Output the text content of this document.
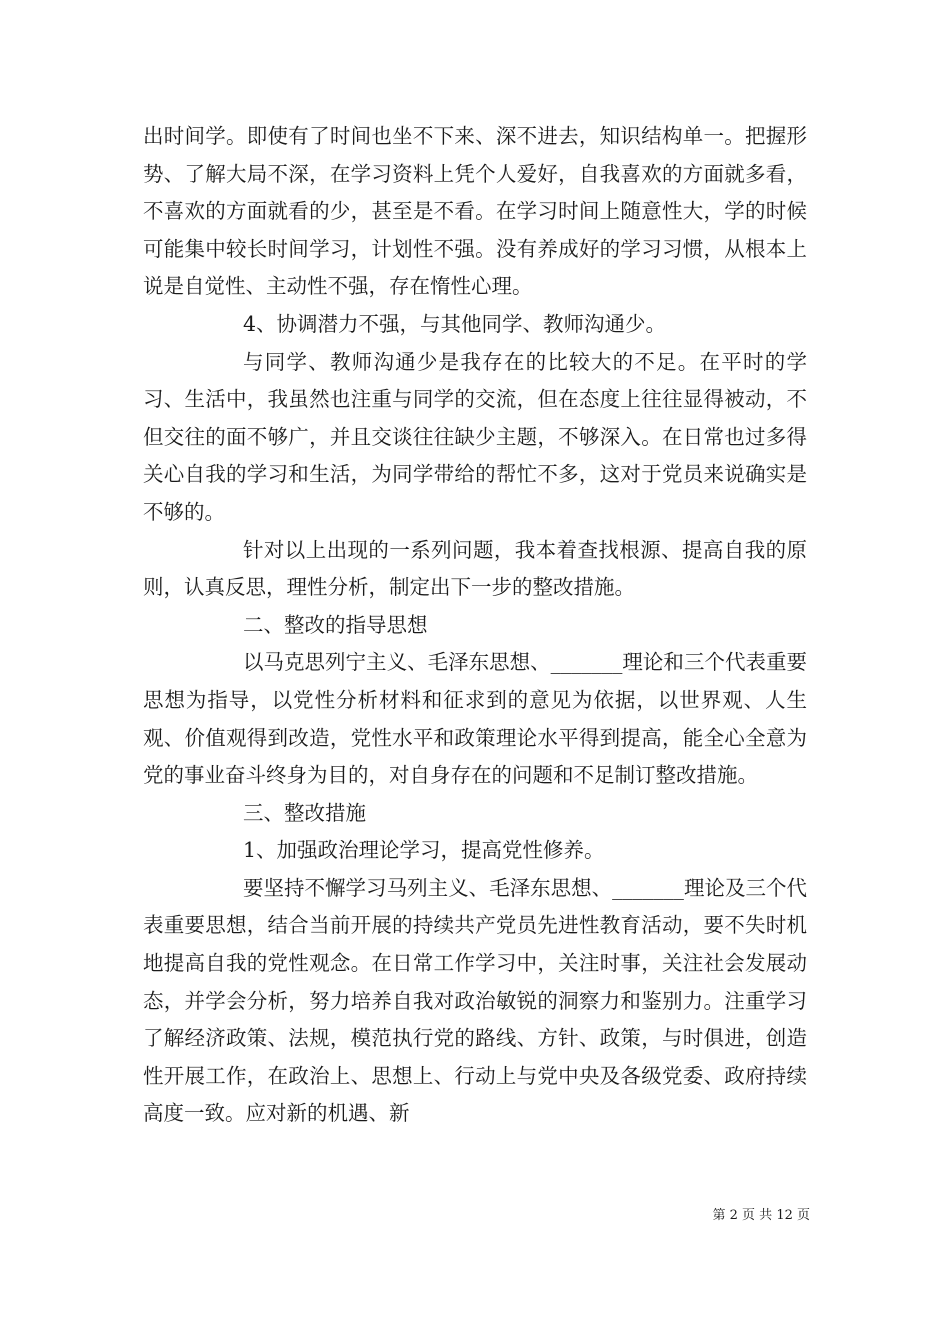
出时间学。即使有了时间也坐不下来、深不进去，知识结构单一。把握形势、了解大局不深，在学习资料上凭个人爱好，自我喜欢的方面就多看，不喜欢的方面就看的少，甚至是不看。在学习时间上随意性大，学的时候可能集中较长时间学习，计划性不强。没有养成好的学习习惯，从根本上说是自觉性、主动性不强，存在惰性心理。

4、协调潜力不强，与其他同学、教师沟通少。

与同学、教师沟通少是我存在的比较大的不足。在平时的学习、生活中，我虽然也注重与同学的交流，但在态度上往往显得被动，不但交往的面不够广，并且交谈往往缺少主题，不够深入。在日常也过多得关心自我的学习和生活，为同学带给的帮忙不多，这对于党员来说确实是不够的。

针对以上出现的一系列问题，我本着查找根源、提高自我的原则，认真反思，理性分析，制定出下一步的整改措施。

二、整改的指导思想

以马克思列宁主义、毛泽东思想、_______理论和三个代表重要思想为指导，以党性分析材料和征求到的意见为依据，以世界观、人生观、价值观得到改造，党性水平和政策理论水平得到提高，能全心全意为党的事业奋斗终身为目的，对自身存在的问题和不足制订整改措施。

三、整改措施

1、加强政治理论学习，提高党性修养。

要坚持不懈学习马列主义、毛泽东思想、_______理论及三个代表重要思想，结合当前开展的持续共产党员先进性教育活动，要不失时机地提高自我的党性观念。在日常工作学习中，关注时事，关注社会发展动态，并学会分析，努力培养自我对政治敏锐的洞察力和鉴别力。注重学习了解经济政策、法规，模范执行党的路线、方针、政策，与时俱进，创造性开展工作，在政治上、思想上、行动上与党中央及各级党委、政府持续高度一致。应对新的机遇、新

第 2 页 共 12 页
